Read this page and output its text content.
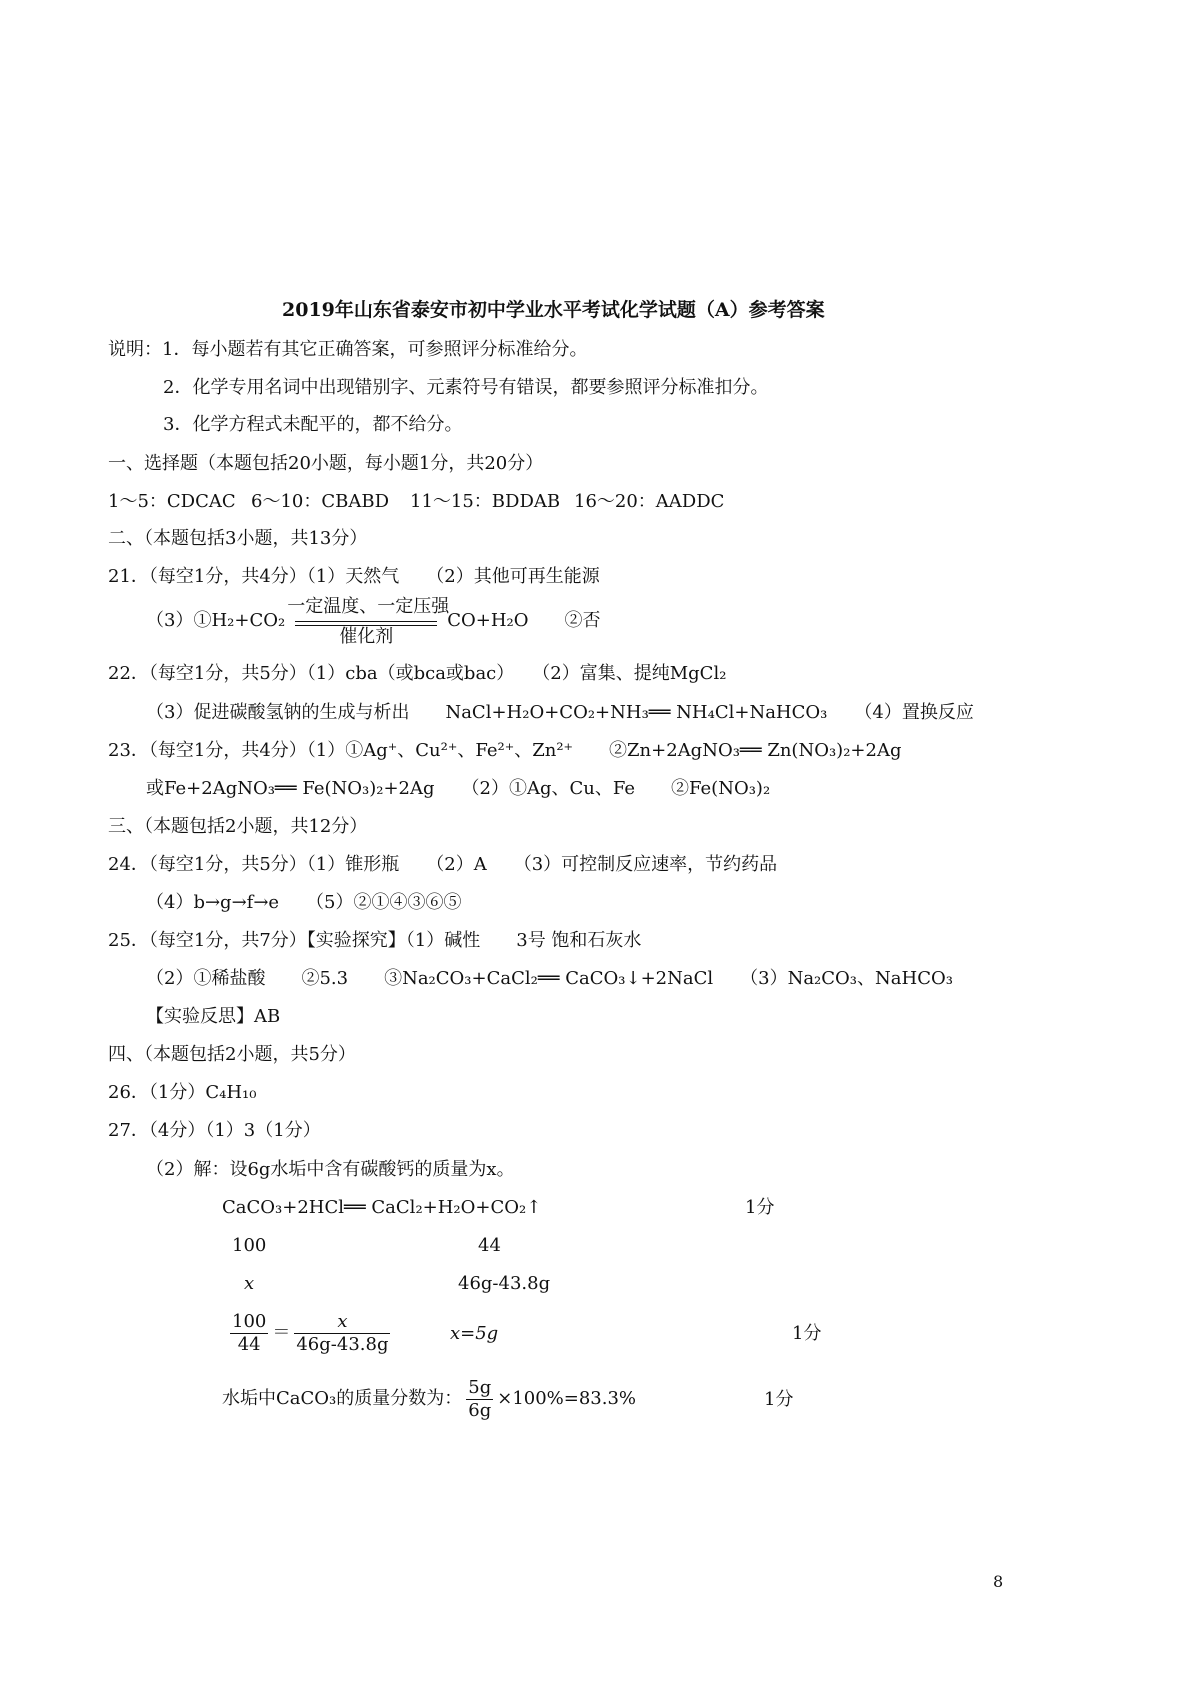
2019年山东省泰安市初中学业水平考试化学试题（A）参考答案
说明：1．每小题若有其它正确答案，可参照评分标准给分。
2．化学专用名词中出现错别字、元素符号有错误，都要参照评分标准扣分。
3．化学方程式未配平的，都不给分。
一、选择题（本题包括20小题，每小题1分，共20分）
1～5：CDCAC 6～10：CBABD 11～15：BDDAB 16～20：AADDC
二、（本题包括3小题，共13分）
21．（每空1分，共4分）（1）天然气　　（2）其他可再生能源
（3）①H₂+CO₂
一定温度、一定压强
催化剂
CO+H₂O　　②否
22．（每空1分，共5分）（1）cba（或bca或bac）　　（2）富集、提纯MgCl₂
（3）促进碳酸氢钠的生成与析出　　NaCl+H₂O+CO₂+NH₃══ NH₄Cl+NaHCO₃　　（4）置换反应
23．（每空1分，共4分）（1）①Ag⁺、Cu²⁺、Fe²⁺、Zn²⁺　　②Zn+2AgNO₃══ Zn(NO₃)₂+2Ag
或Fe+2AgNO₃══ Fe(NO₃)₂+2Ag　　（2）①Ag、Cu、Fe　　②Fe(NO₃)₂
三、（本题包括2小题，共12分）
24．（每空1分，共5分）（1）锥形瓶　　（2）A　　（3）可控制反应速率，节约药品
（4）b→g→f→e　　（5）②①④③⑥⑤
25．（每空1分，共7分）【实验探究】（1）碱性　　3号 饱和石灰水
（2）①稀盐酸　　②5.3　　③Na₂CO₃+CaCl₂══ CaCO₃↓+2NaCl　　（3）Na₂CO₃、NaHCO₃
【实验反思】AB
四、（本题包括2小题，共5分）
26．（1分）C₄H₁₀
27．（4分）（1）3（1分）
（2）解：设6g水垢中含有碳酸钙的质量为x。
CaCO₃+2HCl══ CaCl₂+H₂O+CO₂↑	1分
100	44
x	46g-43.8g
$\frac{100}{44} = \frac{x}{46g-43.8g}$	x=5g	1分
水垢中CaCO₃的质量分数为： $\frac{5g}{6g} \times 100\%=83.3\%$	1分
8
